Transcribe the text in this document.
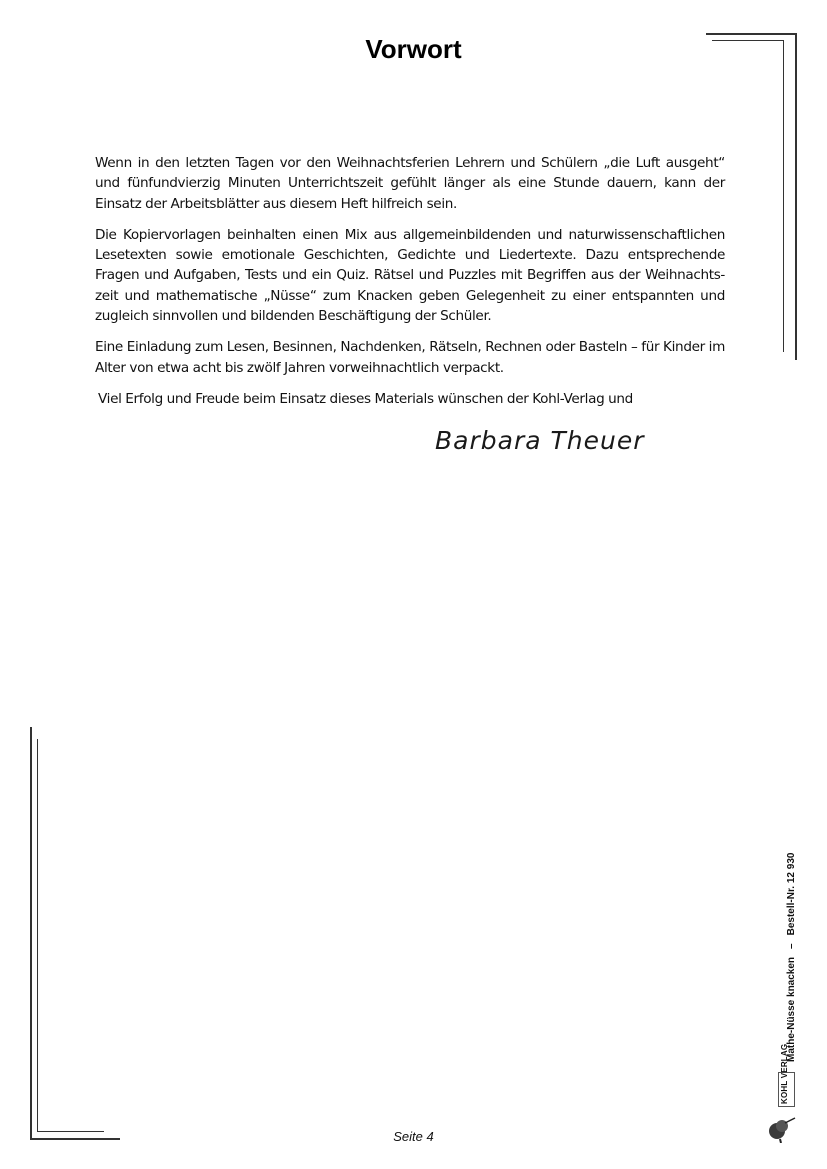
Vorwort

Wenn in den letzten Tagen vor den Weihnachtsferien Lehrern und Schülern „die Luft ausgeht“ und fünfundvierzig Minuten Unterrichtszeit gefühlt länger als eine Stunde dauern, kann der Einsatz der Arbeitsblätter aus diesem Heft hilfreich sein.

Die Kopiervorlagen beinhalten einen Mix aus allgemeinbildenden und naturwissenschaftlichen Lesetexten sowie emotionale Geschichten, Gedichte und Liedertexte. Dazu entsprechende Fragen und Aufgaben, Tests und ein Quiz. Rätsel und Puzzles mit Begriffen aus der Weihnachts-zeit und mathematische „Nüsse“ zum Knacken geben Gelegenheit zu einer entspannten und zugleich sinnvollen und bildenden Beschäftigung der Schüler.

Eine Einladung zum Lesen, Besinnen, Nachdenken, Rätseln, Rechnen oder Basteln – für Kinder im Alter von etwa acht bis zwölf Jahren vorweihnachtlich verpackt.

Viel Erfolg und Freude beim Einsatz dieses Materials wünschen der Kohl-Verlag und

Barbara Theuer
Mathe-Nüsse knacken–Bestell-Nr. 12 930
KOHL VERLAG
Seite 4
